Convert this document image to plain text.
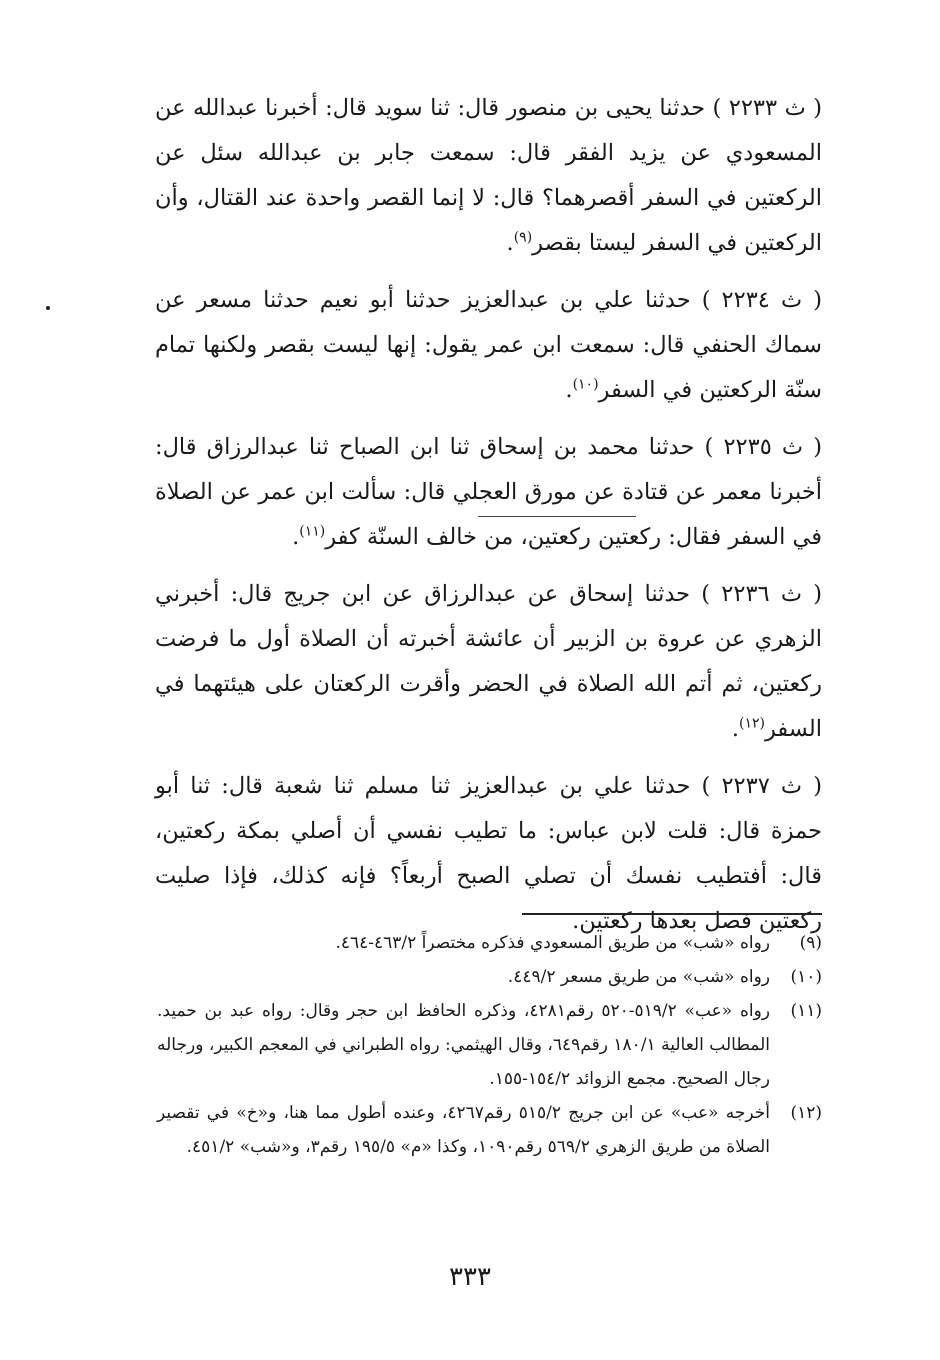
( ث ٢٢٣٣ ) حدثنا يحيى بن منصور قال: ثنا سويد قال: أخبرنا عبدالله عن المسعودي عن يزيد الفقر قال: سمعت جابر بن عبدالله سئل عن الركعتين في السفر أقصرهما؟ قال: لا إنما القصر واحدة عند القتال، وأن الركعتين في السفر ليستا بقصر$^{(٩)}$.

( ث ٢٢٣٤ ) حدثنا علي بن عبدالعزيز حدثنا أبو نعيم حدثنا مسعر عن سماك الحنفي قال: سمعت ابن عمر يقول: إنها ليست بقصر ولكنها تمام سنّة الركعتين في السفر$^{(١٠)}$.

( ث ٢٢٣٥ ) حدثنا محمد بن إسحاق ثنا ابن الصباح ثنا عبدالرزاق قال: أخبرنا معمر عن قتادة عن مورق العجلي قال: سألت ابن عمر عن الصلاة في السفر فقال: ركعتين ركعتين، من خالف السنّة كفر$^{(١١)}$.

( ث ٢٢٣٦ ) حدثنا إسحاق عن عبدالرزاق عن ابن جريج قال: أخبرني الزهري عن عروة بن الزبير أن عائشة أخبرته أن الصلاة أول ما فرضت ركعتين، ثم أتم الله الصلاة في الحضر وأقرت الركعتان على هيئتهما في السفر$^{(١٢)}$.

( ث ٢٢٣٧ ) حدثنا علي بن عبدالعزيز ثنا مسلم ثنا شعبة قال: ثنا أبو حمزة قال: قلت لابن عباس: ما تطيب نفسي أن أصلي بمكة ركعتين، قال: أفتطيب نفسك أن تصلي الصبح أربعاً؟ فإنه كذلك، فإذا صليت ركعتين فصل بعدها ركعتين.

(٩)
رواه «شب» من طريق المسعودي فذكره مختصراً ٤٦٣/٢-٤٦٤.
(١٠)
رواه «شب» من طريق مسعر ٤٤٩/٢.
(١١)
رواه «عب» ٥١٩/٢-٥٢٠ رقم٤٢٨١، وذكره الحافظ ابن حجر وقال: رواه عبد بن حميد. المطالب العالية ١٨٠/١ رقم٦٤٩، وقال الهيثمي: رواه الطبراني في المعجم الكبير، ورجاله رجال الصحيح. مجمع الزوائد ١٥٤/٢-١٥٥.
(١٢)
أخرجه «عب» عن ابن جريج ٥١٥/٢ رقم٤٢٦٧، وعنده أطول مما هنا، و«خ» في تقصير الصلاة من طريق الزهري ٥٦٩/٢ رقم١٠٩٠، وكذا «م» ١٩٥/٥ رقم٣، و«شب» ٤٥١/٢.
٣٣٣
